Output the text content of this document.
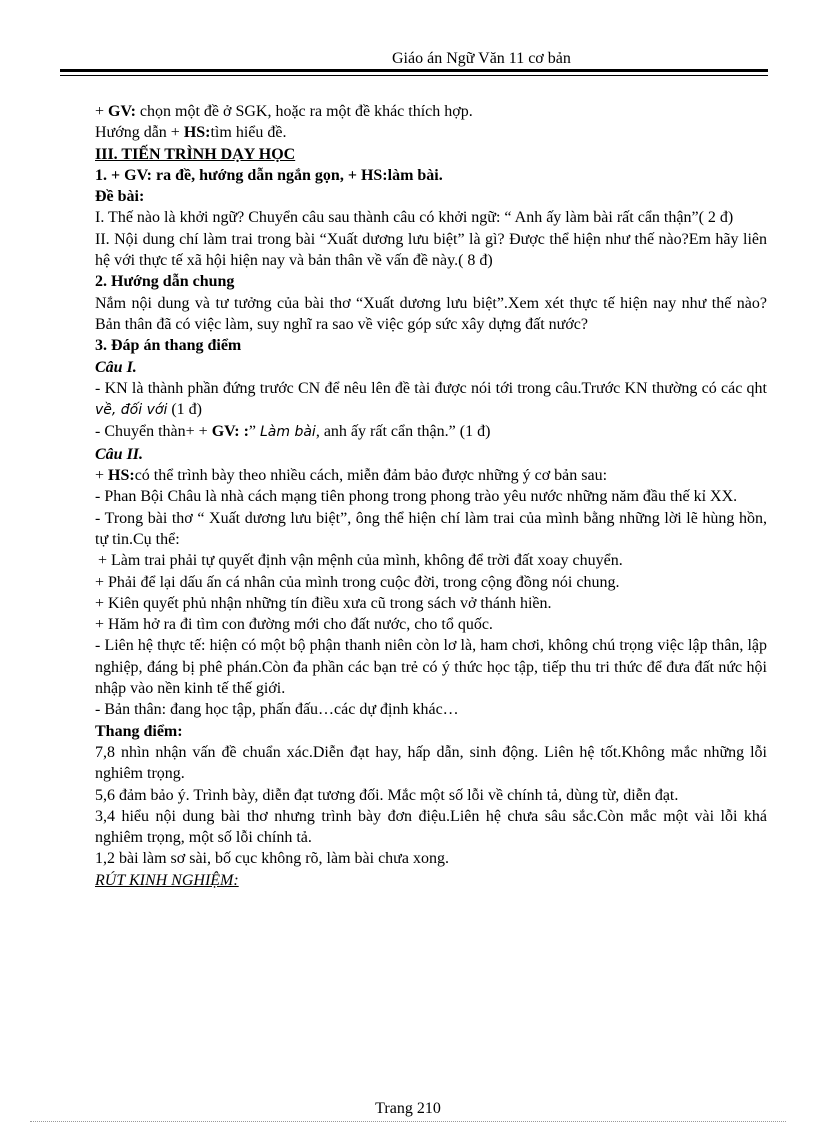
Giáo án Ngữ Văn 11 cơ bản

+ GV: chọn một đề ở SGK, hoặc ra một đề khác thích hợp.

Hướng dẫn + HS:tìm hiểu đề.

III. TIẾN TRÌNH DẠY HỌC

1. + GV: ra đề, hướng dẫn ngắn gọn, + HS:làm bài.

Đề bài:

I. Thế nào là khởi ngữ? Chuyển câu sau thành câu có khởi ngữ: “ Anh ấy làm bài rất cẩn thận”( 2 đ)

II. Nội dung chí làm trai trong bài “Xuất dương lưu biệt” là gì? Được thể hiện như thế nào?Em hãy liên hệ với thực tế xã hội hiện nay và bản thân về vấn đề này.( 8 đ)

2. Hướng dẫn chung

Nắm nội dung và tư tưởng của bài thơ “Xuất dương lưu biệt”.Xem xét thực tế hiện nay như thế nào? Bản thân đã có việc làm, suy nghĩ ra sao về việc góp sức xây dựng đất nước?

3. Đáp án thang điểm

Câu I.

- KN là thành phần đứng trước CN để nêu lên đề tài được nói tới trong câu.Trước KN thường có các qht về, đối với (1 đ)

- Chuyển thàn+ + GV: :” Làm bài, anh ấy rất cẩn thận.” (1 đ)

Câu II.

+ HS:có thể trình bày theo nhiều cách, miễn đảm bảo được những ý cơ bản sau:

- Phan Bội Châu là nhà cách mạng tiên phong trong phong trào yêu nước những năm đầu thế kỉ XX.

- Trong bài thơ “ Xuất dương lưu biệt”, ông thể hiện chí làm trai của mình bằng những lời lẽ hùng hồn, tự tin.Cụ thể:

+ Làm trai phải tự quyết định vận mệnh của mình, không để trời đất xoay chuyển.

+ Phải để lại dấu ấn cá nhân của mình trong cuộc đời, trong cộng đồng nói chung.

+ Kiên quyết phủ nhận những tín điều xưa cũ trong sách vở thánh hiền.

+ Hăm hở ra đi tìm con đường mới cho đất nước, cho tổ quốc.

- Liên hệ thực tế: hiện có một bộ phận thanh niên còn lơ là, ham chơi, không chú trọng việc lập thân, lập nghiệp, đáng bị phê phán.Còn đa phần các bạn trẻ có ý thức học tập, tiếp thu tri thức để đưa đất nức hội nhập vào nền kinh tế thế giới.

- Bản thân: đang học tập, phấn đấu…các dự định khác…

Thang điểm:

7,8 nhìn nhận vấn đề chuẩn xác.Diễn đạt hay, hấp dẫn, sinh động. Liên hệ tốt.Không mắc những lỗi nghiêm trọng.

5,6 đảm bảo ý. Trình bày, diễn đạt tương đối. Mắc một số lỗi về chính tả, dùng từ, diễn đạt.

3,4 hiểu nội dung bài thơ nhưng trình bày đơn điệu.Liên hệ chưa sâu sắc.Còn mắc một vài lỗi khá nghiêm trọng, một số lỗi chính tả.

1,2 bài làm sơ sài, bố cục không rõ, làm bài chưa xong.

RÚT KINH NGHIỆM:

Trang 210
